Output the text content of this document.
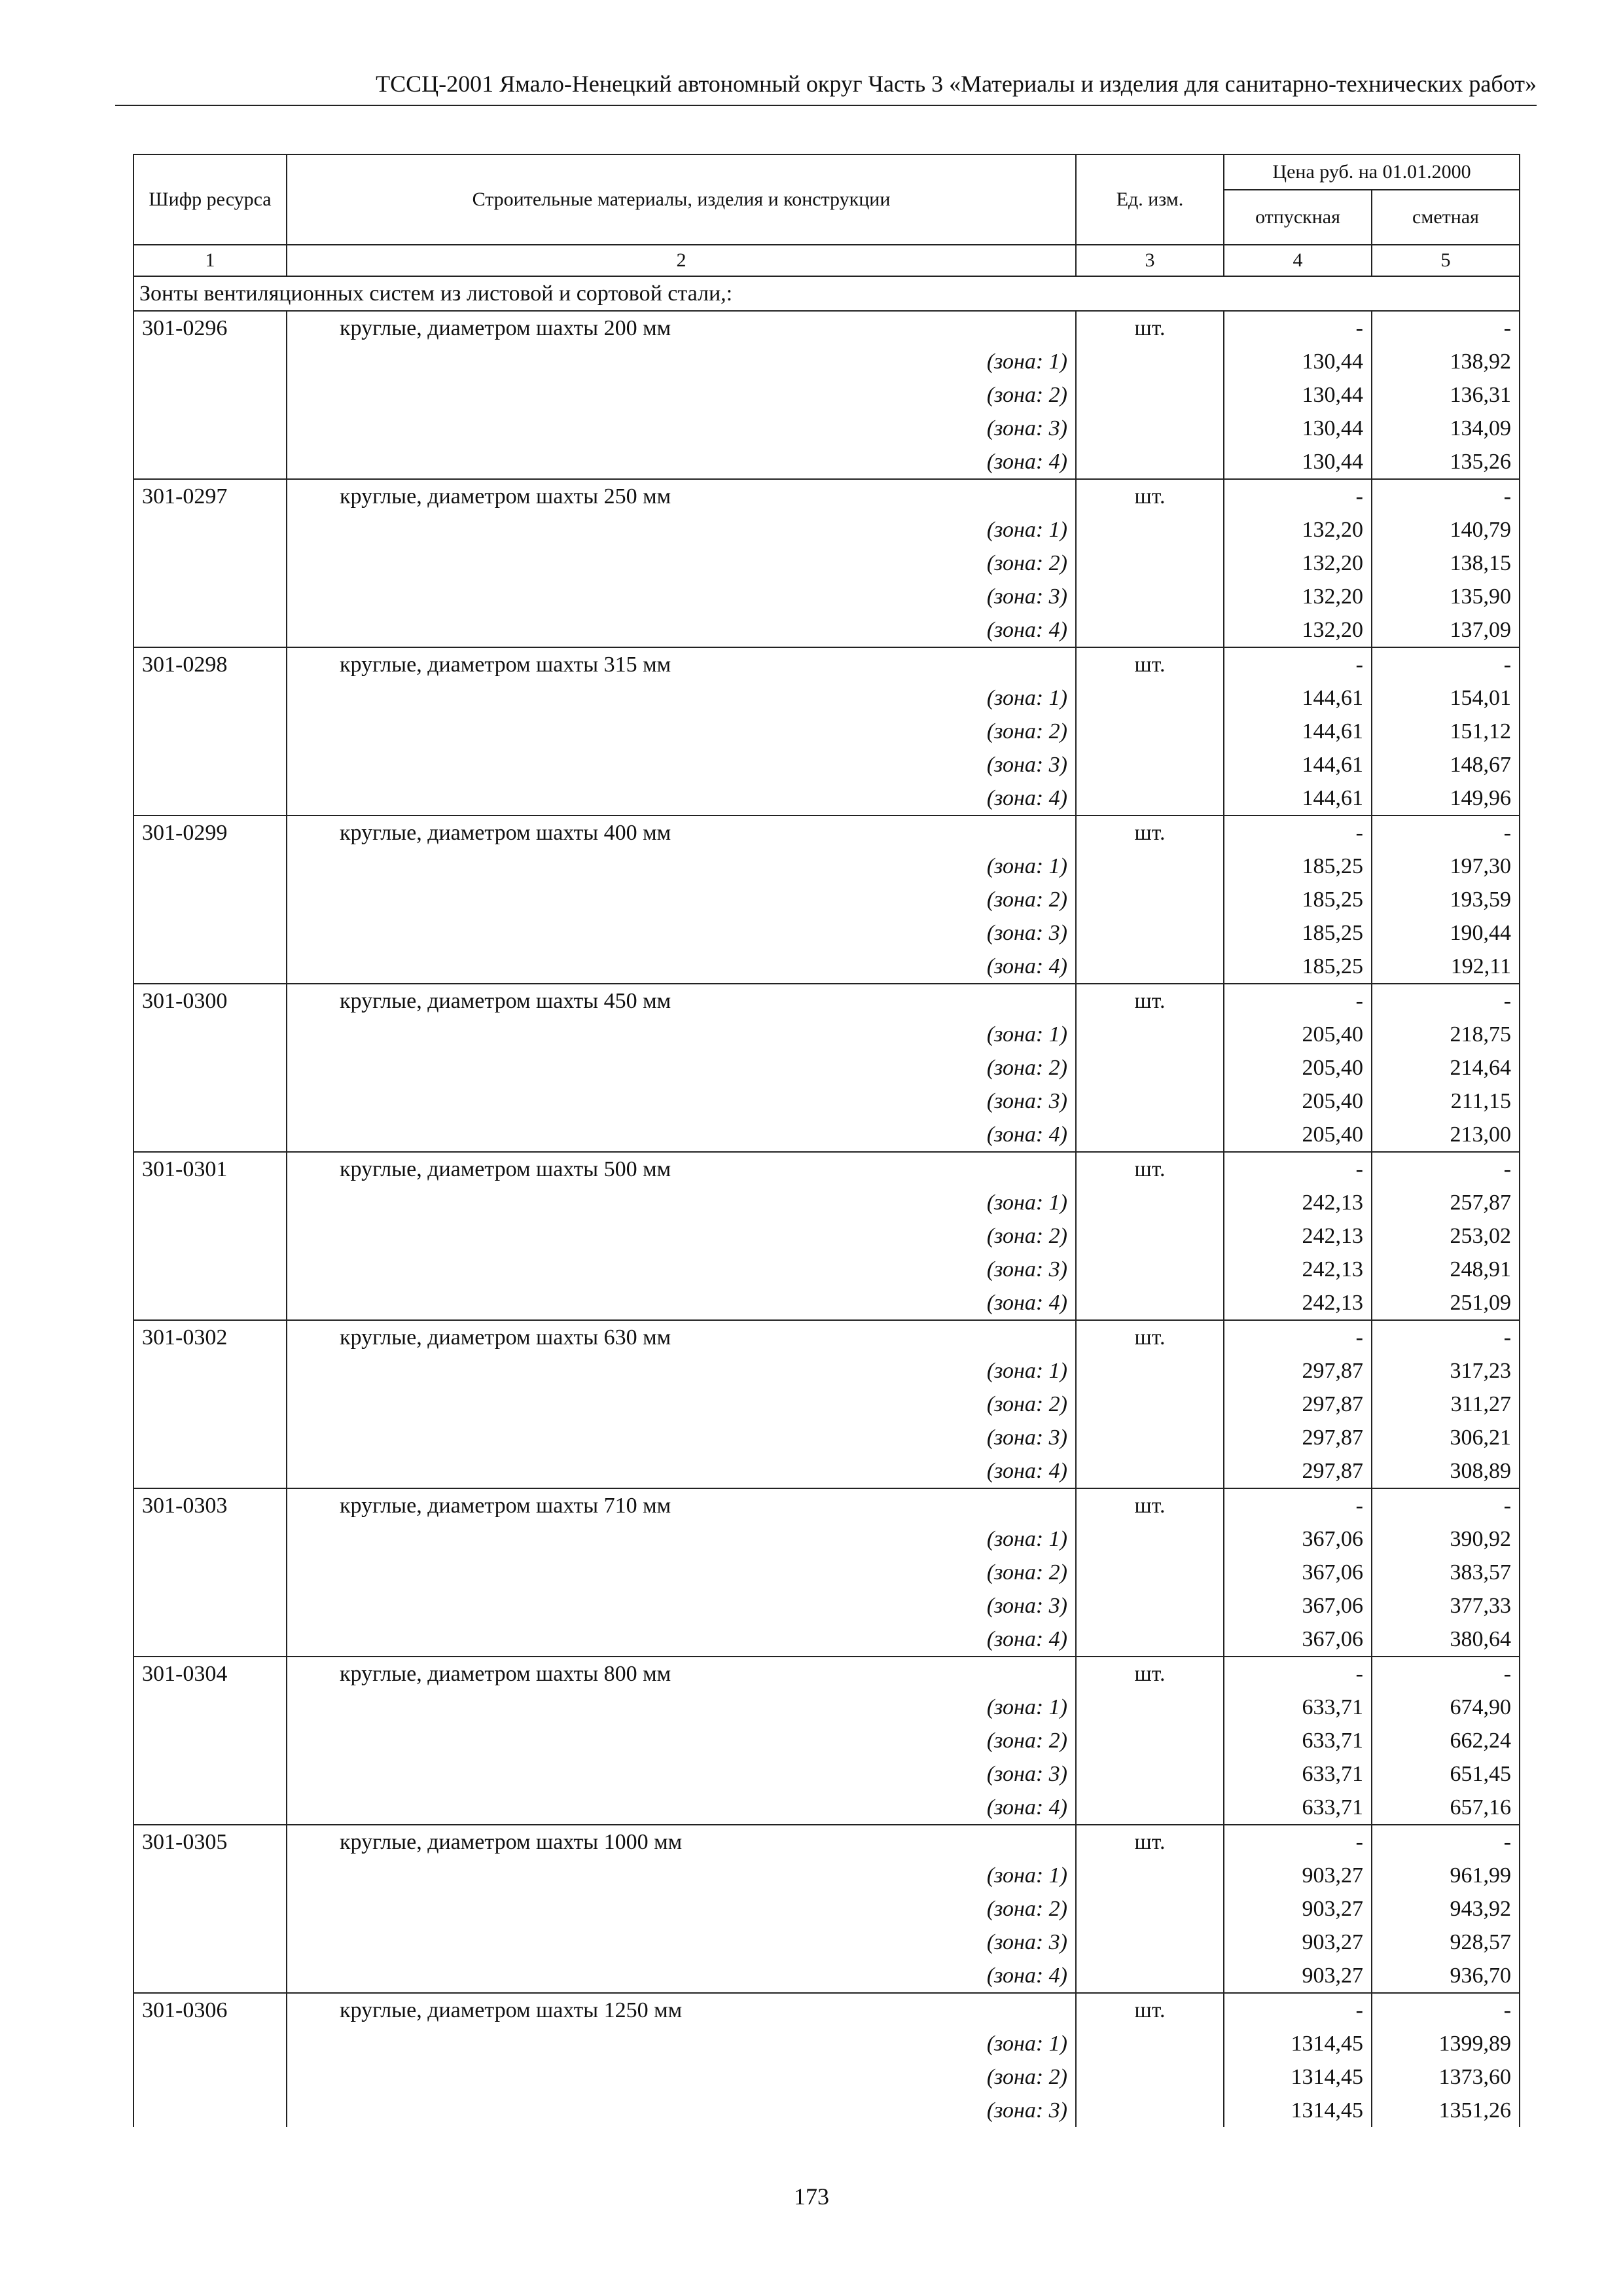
ТССЦ-2001 Ямало-Ненецкий автономный округ Часть 3 «Материалы и изделия для санитарно-технических работ»
Шифр ресурса	Строительные материалы, изделия и конструкции	Ед. изм.	Цена руб. на 01.01.2000	
			отпускная	сметная
1	2	3	4	5
Зонты вентиляционных систем из листовой и сортовой стали,:				
301-0296	круглые, диаметром шахты 200 мм	шт.	-	-
	(зона: 1)		130,44	138,92
	(зона: 2)		130,44	136,31
	(зона: 3)		130,44	134,09
	(зона: 4)		130,44	135,26
301-0297	круглые, диаметром шахты 250 мм	шт.	-	-
	(зона: 1)		132,20	140,79
	(зона: 2)		132,20	138,15
	(зона: 3)		132,20	135,90
	(зона: 4)		132,20	137,09
301-0298	круглые, диаметром шахты 315 мм	шт.	-	-
	(зона: 1)		144,61	154,01
	(зона: 2)		144,61	151,12
	(зона: 3)		144,61	148,67
	(зона: 4)		144,61	149,96
301-0299	круглые, диаметром шахты 400 мм	шт.	-	-
	(зона: 1)		185,25	197,30
	(зона: 2)		185,25	193,59
	(зона: 3)		185,25	190,44
	(зона: 4)		185,25	192,11
301-0300	круглые, диаметром шахты 450 мм	шт.	-	-
	(зона: 1)		205,40	218,75
	(зона: 2)		205,40	214,64
	(зона: 3)		205,40	211,15
	(зона: 4)		205,40	213,00
301-0301	круглые, диаметром шахты 500 мм	шт.	-	-
	(зона: 1)		242,13	257,87
	(зона: 2)		242,13	253,02
	(зона: 3)		242,13	248,91
	(зона: 4)		242,13	251,09
301-0302	круглые, диаметром шахты 630 мм	шт.	-	-
	(зона: 1)		297,87	317,23
	(зона: 2)		297,87	311,27
	(зона: 3)		297,87	306,21
	(зона: 4)		297,87	308,89
301-0303	круглые, диаметром шахты 710 мм	шт.	-	-
	(зона: 1)		367,06	390,92
	(зона: 2)		367,06	383,57
	(зона: 3)		367,06	377,33
	(зона: 4)		367,06	380,64
301-0304	круглые, диаметром шахты 800 мм	шт.	-	-
	(зона: 1)		633,71	674,90
	(зона: 2)		633,71	662,24
	(зона: 3)		633,71	651,45
	(зона: 4)		633,71	657,16
301-0305	круглые, диаметром шахты 1000 мм	шт.	-	-
	(зона: 1)		903,27	961,99
	(зона: 2)		903,27	943,92
	(зона: 3)		903,27	928,57
	(зона: 4)		903,27	936,70
301-0306	круглые, диаметром шахты 1250 мм	шт.	-	-
	(зона: 1)		1314,45	1399,89
	(зона: 2)		1314,45	1373,60
	(зона: 3)		1314,45	1351,26
173
